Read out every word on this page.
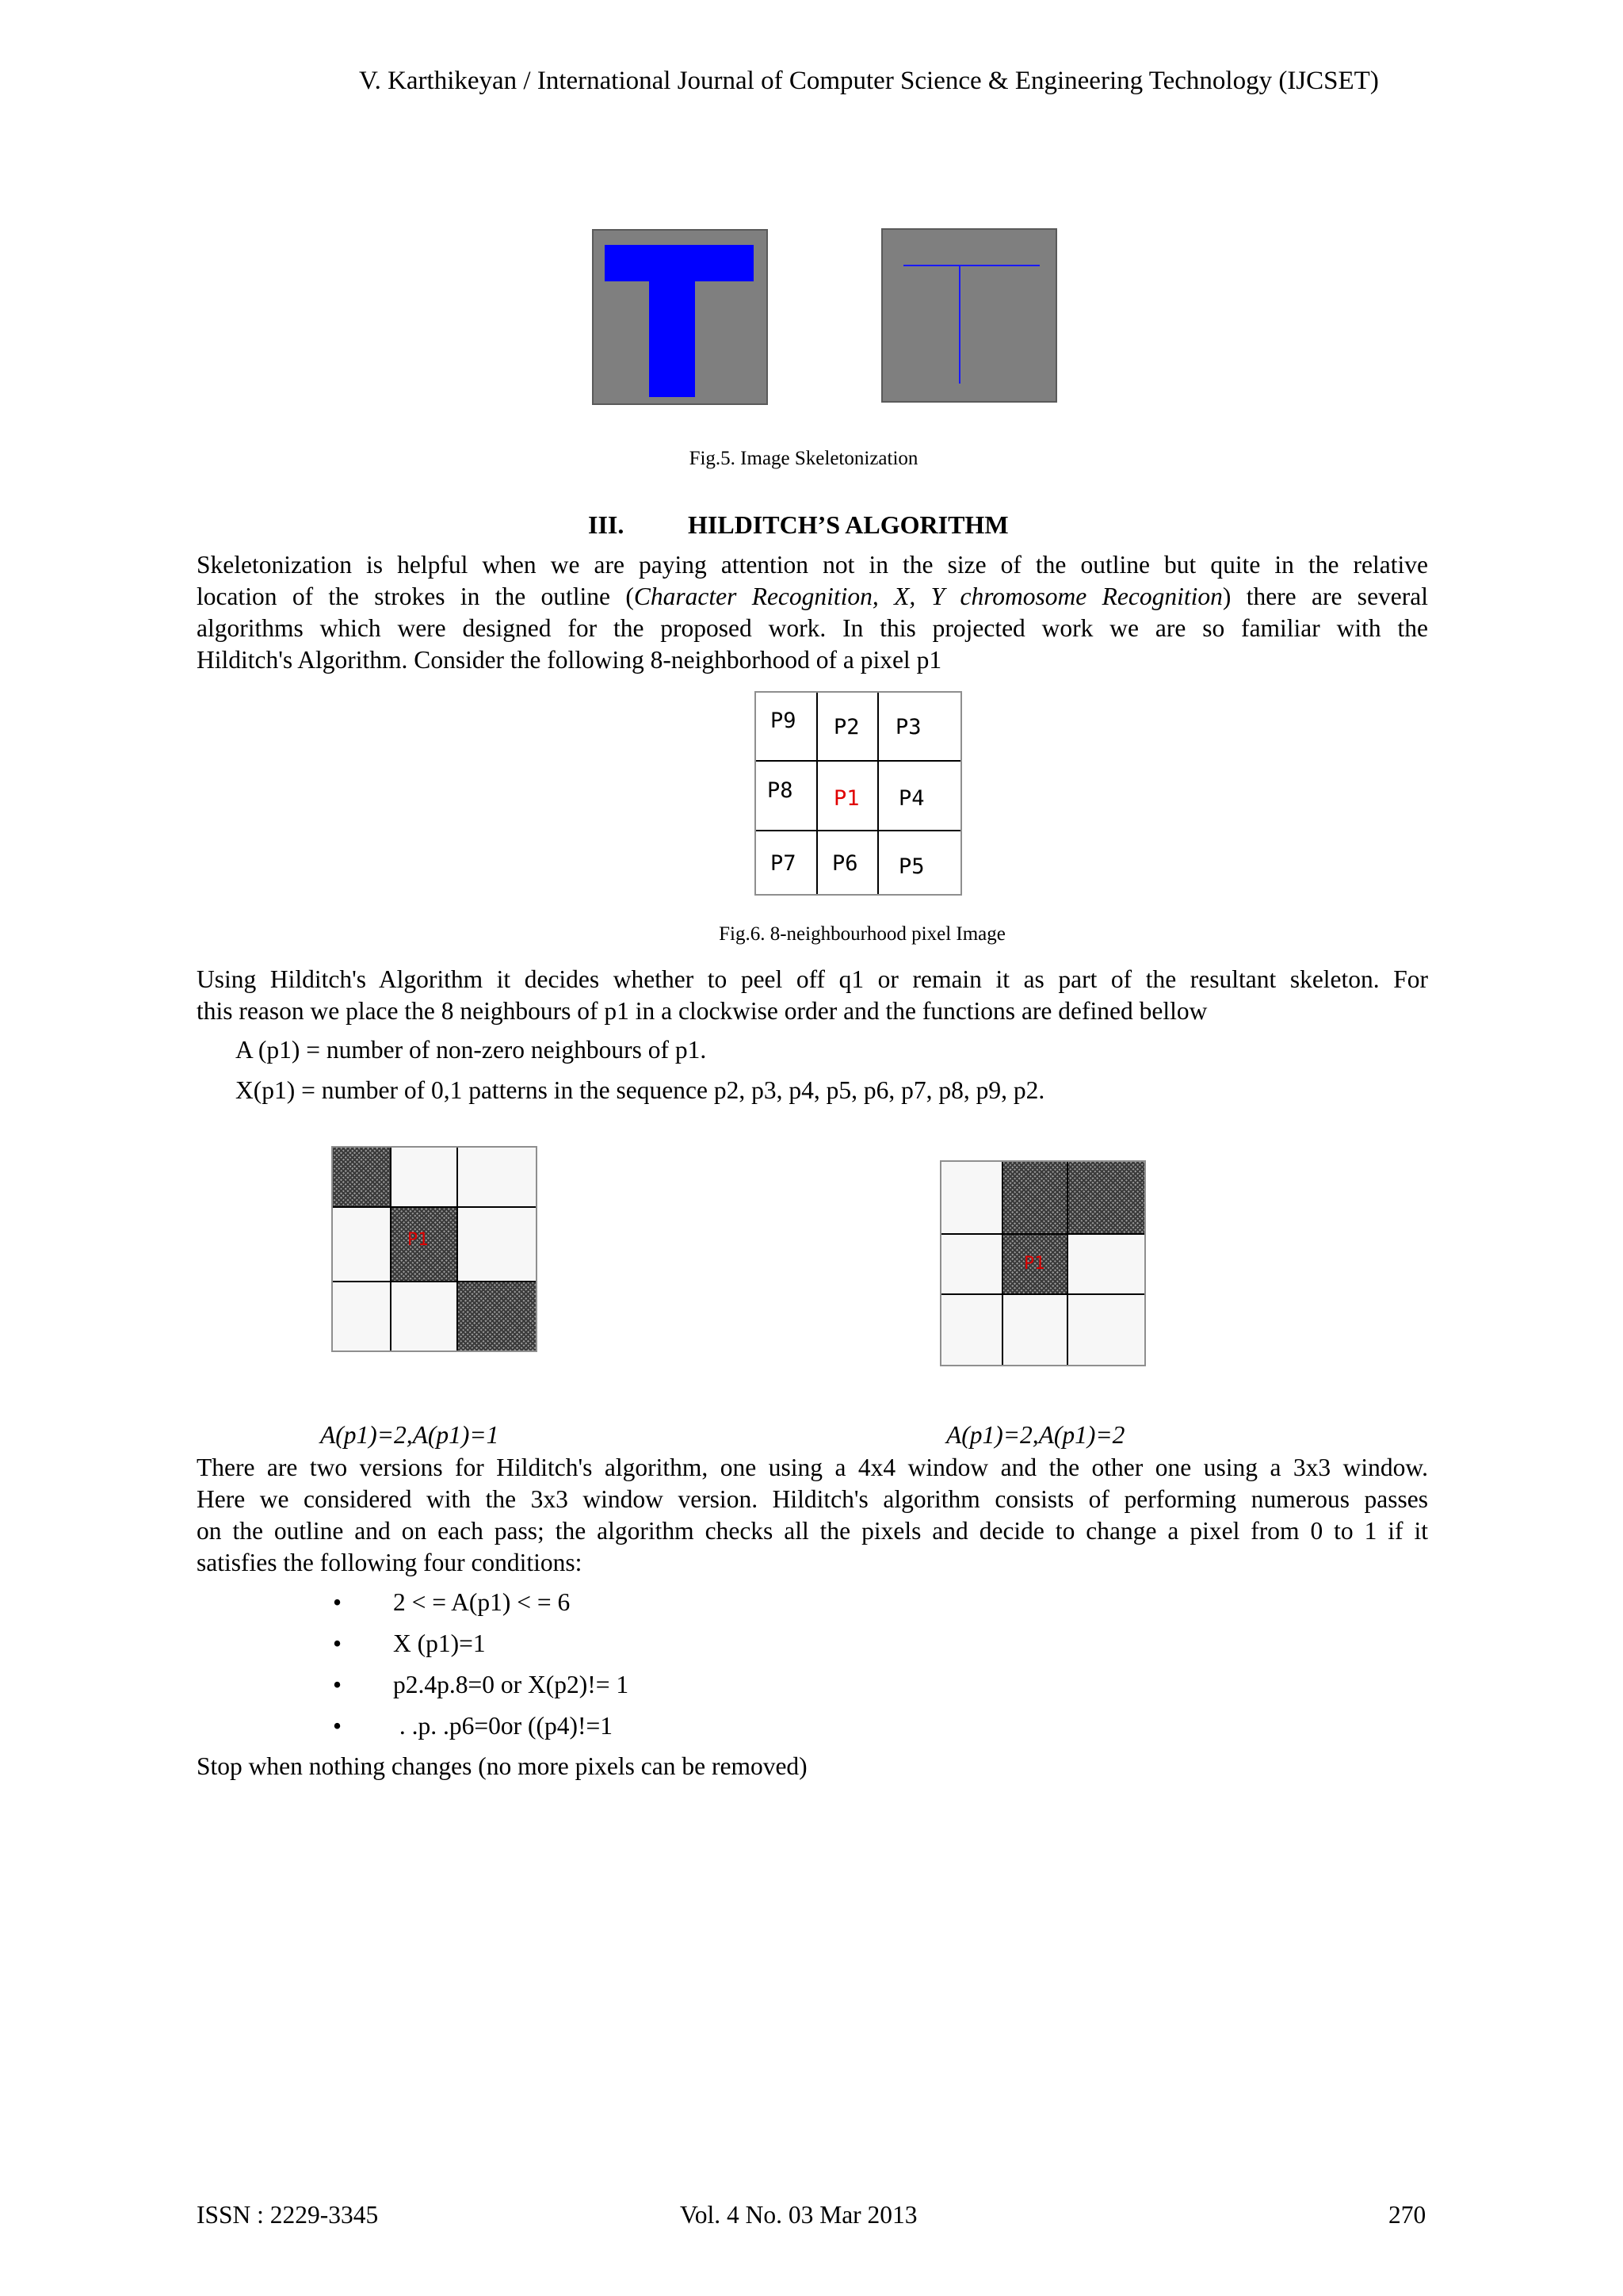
V. Karthikeyan / International Journal of Computer Science & Engineering Technology (IJCSET)
Fig.5. Image Skeletonization
III.	HILDITCH’S ALGORITHM
Skeletonization is helpful when we are paying attention not in the size of the outline but quite in the relative
location of the strokes in the outline (Character Recognition, X, Y chromosome Recognition) there are several
algorithms which were designed for the proposed work. In this projected work we are so familiar with the
Hilditch's Algorithm. Consider the following 8-neighborhood of a pixel p1
P9 P2 P3
P8 P1 P4
P7 P6 P5
Fig.6. 8-neighbourhood pixel Image
Using Hilditch's Algorithm it decides whether to peel off q1 or remain it as part of the resultant skeleton. For
this reason we place the 8 neighbours of p1 in a clockwise order and the functions are defined bellow
A (p1) = number of non-zero neighbours of p1.
X(p1) = number of 0,1 patterns in the sequence p2, p3, p4, p5, p6, p7, p8, p9, p2.
P1
P1
A(p1)=2,A(p1)=1	A(p1)=2,A(p1)=2
There are two versions for Hilditch's algorithm, one using a 4x4 window and the other one using a 3x3 window.
Here we considered with the 3x3 window version. Hilditch's algorithm consists of performing numerous passes
on the outline and on each pass; the algorithm checks all the pixels and decide to change a pixel from 0 to 1 if it
satisfies the following four conditions:
• 2 < = A(p1) < = 6
• X (p1)=1
• p2.4p.8=0 or X(p2)!= 1
• . .p. .p6=0or ((p4)!=1
Stop when nothing changes (no more pixels can be removed)
ISSN : 2229-3345	Vol. 4 No. 03 Mar 2013	270
